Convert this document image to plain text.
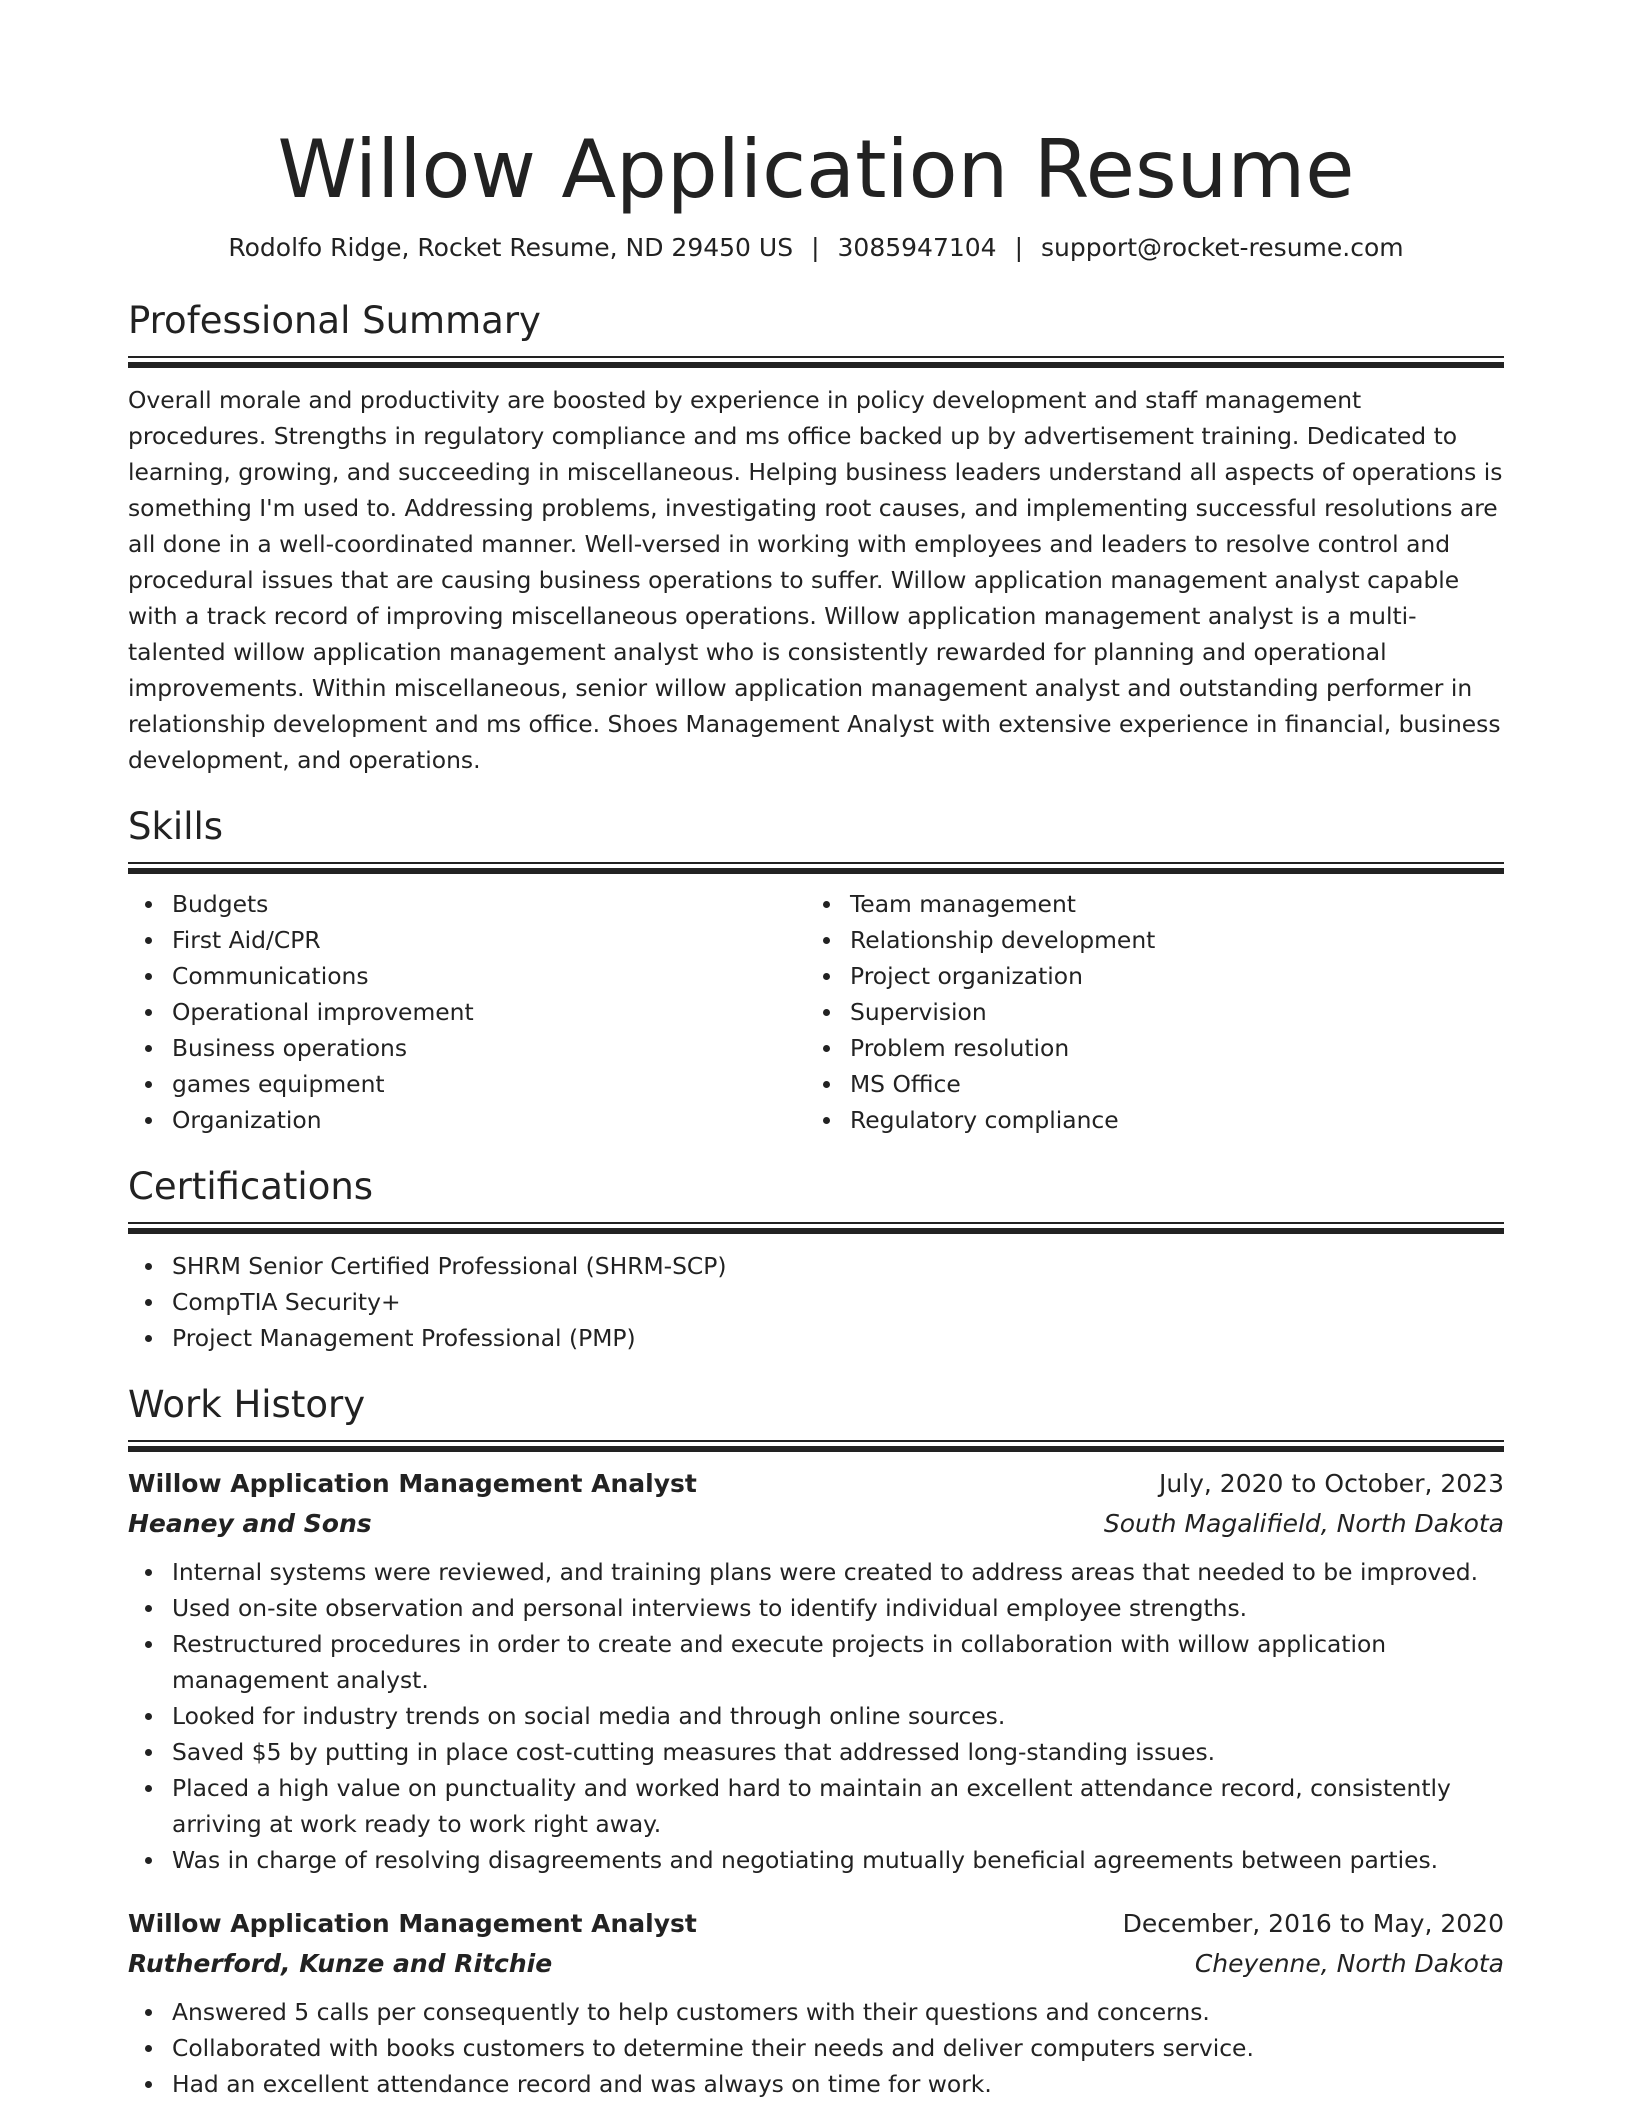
Willow Application Resume
Rodolfo Ridge, Rocket Resume, ND 29450 US | 3085947104 | support@rocket-resume.com
Professional Summary

Overall morale and productivity are boosted by experience in policy development and staff management procedures. Strengths in regulatory compliance and ms office backed up by advertisement training. Dedicated to learning, growing, and succeeding in miscellaneous. Helping business leaders understand all aspects of operations is something I'm used to. Addressing problems, investigating root causes, and implementing successful resolutions are all done in a well-coordinated manner. Well-versed in working with employees and leaders to resolve control and procedural issues that are causing business operations to suffer. Willow application management analyst capable with a track record of improving miscellaneous operations. Willow application management analyst is a multi-talented willow application management analyst who is consistently rewarded for planning and operational improvements. Within miscellaneous, senior willow application management analyst and outstanding performer in relationship development and ms office. Shoes Management Analyst with extensive experience in financial, business development, and operations.

Skills
Budgets
First Aid/CPR
Communications
Operational improvement
Business operations
games equipment
Organization
Team management
Relationship development
Project organization
Supervision
Problem resolution
MS Office
Regulatory compliance
Certifications
SHRM Senior Certified Professional (SHRM-SCP)
CompTIA Security+
Project Management Professional (PMP)
Work History
Willow Application Management Analyst	July, 2020 to October, 2023
Heaney and Sons	South Magalifield, North Dakota
Internal systems were reviewed, and training plans were created to address areas that needed to be improved.
Used on-site observation and personal interviews to identify individual employee strengths.
Restructured procedures in order to create and execute projects in collaboration with willow application management analyst.
Looked for industry trends on social media and through online sources.
Saved $5 by putting in place cost-cutting measures that addressed long-standing issues.
Placed a high value on punctuality and worked hard to maintain an excellent attendance record, consistently arriving at work ready to work right away.
Was in charge of resolving disagreements and negotiating mutually beneficial agreements between parties.
Willow Application Management Analyst	December, 2016 to May, 2020
Rutherford, Kunze and Ritchie	Cheyenne, North Dakota
Answered 5 calls per consequently to help customers with their questions and concerns.
Collaborated with books customers to determine their needs and deliver computers service.
Had an excellent attendance record and was always on time for work.
